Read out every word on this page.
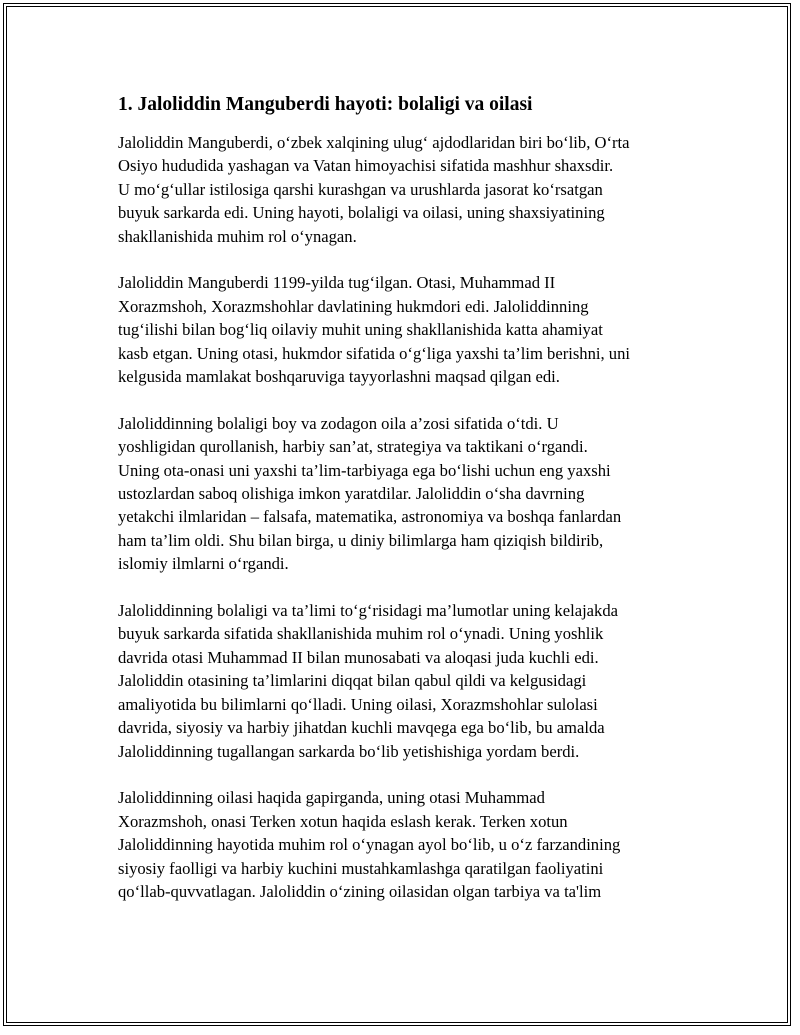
1. Jaloliddin Manguberdi hayoti: bolaligi va oilasi

Jaloliddin Manguberdi, o‘zbek xalqining ulug‘ ajdodlaridan biri bo‘lib, O‘rta
Osiyo hududida yashagan va Vatan himoyachisi sifatida mashhur shaxsdir.
U mo‘g‘ullar istilosiga qarshi kurashgan va urushlarda jasorat ko‘rsatgan
buyuk sarkarda edi. Uning hayoti, bolaligi va oilasi, uning shaxsiyatining
shakllanishida muhim rol o‘ynagan.

Jaloliddin Manguberdi 1199-yilda tug‘ilgan. Otasi, Muhammad II
Xorazmshoh, Xorazmshohlar davlatining hukmdori edi. Jaloliddinning
tug‘ilishi bilan bog‘liq oilaviy muhit uning shakllanishida katta ahamiyat
kasb etgan. Uning otasi, hukmdor sifatida o‘g‘liga yaxshi ta’lim berishni, uni
kelgusida mamlakat boshqaruviga tayyorlashni maqsad qilgan edi.

Jaloliddinning bolaligi boy va zodagon oila a’zosi sifatida o‘tdi. U
yoshligidan qurollanish, harbiy san’at, strategiya va taktikani o‘rgandi.
Uning ota-onasi uni yaxshi ta’lim-tarbiyaga ega bo‘lishi uchun eng yaxshi
ustozlardan saboq olishiga imkon yaratdilar. Jaloliddin o‘sha davrning
yetakchi ilmlaridan – falsafa, matematika, astronomiya va boshqa fanlardan
ham ta’lim oldi. Shu bilan birga, u diniy bilimlarga ham qiziqish bildirib,
islomiy ilmlarni o‘rgandi.

Jaloliddinning bolaligi va ta’limi to‘g‘risidagi ma’lumotlar uning kelajakda
buyuk sarkarda sifatida shakllanishida muhim rol o‘ynadi. Uning yoshlik
davrida otasi Muhammad II bilan munosabati va aloqasi juda kuchli edi.
Jaloliddin otasining ta’limlarini diqqat bilan qabul qildi va kelgusidagi
amaliyotida bu bilimlarni qo‘lladi. Uning oilasi, Xorazmshohlar sulolasi
davrida, siyosiy va harbiy jihatdan kuchli mavqega ega bo‘lib, bu amalda
Jaloliddinning tugallangan sarkarda bo‘lib yetishishiga yordam berdi.

Jaloliddinning oilasi haqida gapirganda, uning otasi Muhammad
Xorazmshoh, onasi Terken xotun haqida eslash kerak. Terken xotun
Jaloliddinning hayotida muhim rol o‘ynagan ayol bo‘lib, u o‘z farzandining
siyosiy faolligi va harbiy kuchini mustahkamlashga qaratilgan faoliyatini
qo‘llab-quvvatlagan. Jaloliddin o‘zining oilasidan olgan tarbiya va ta'lim
